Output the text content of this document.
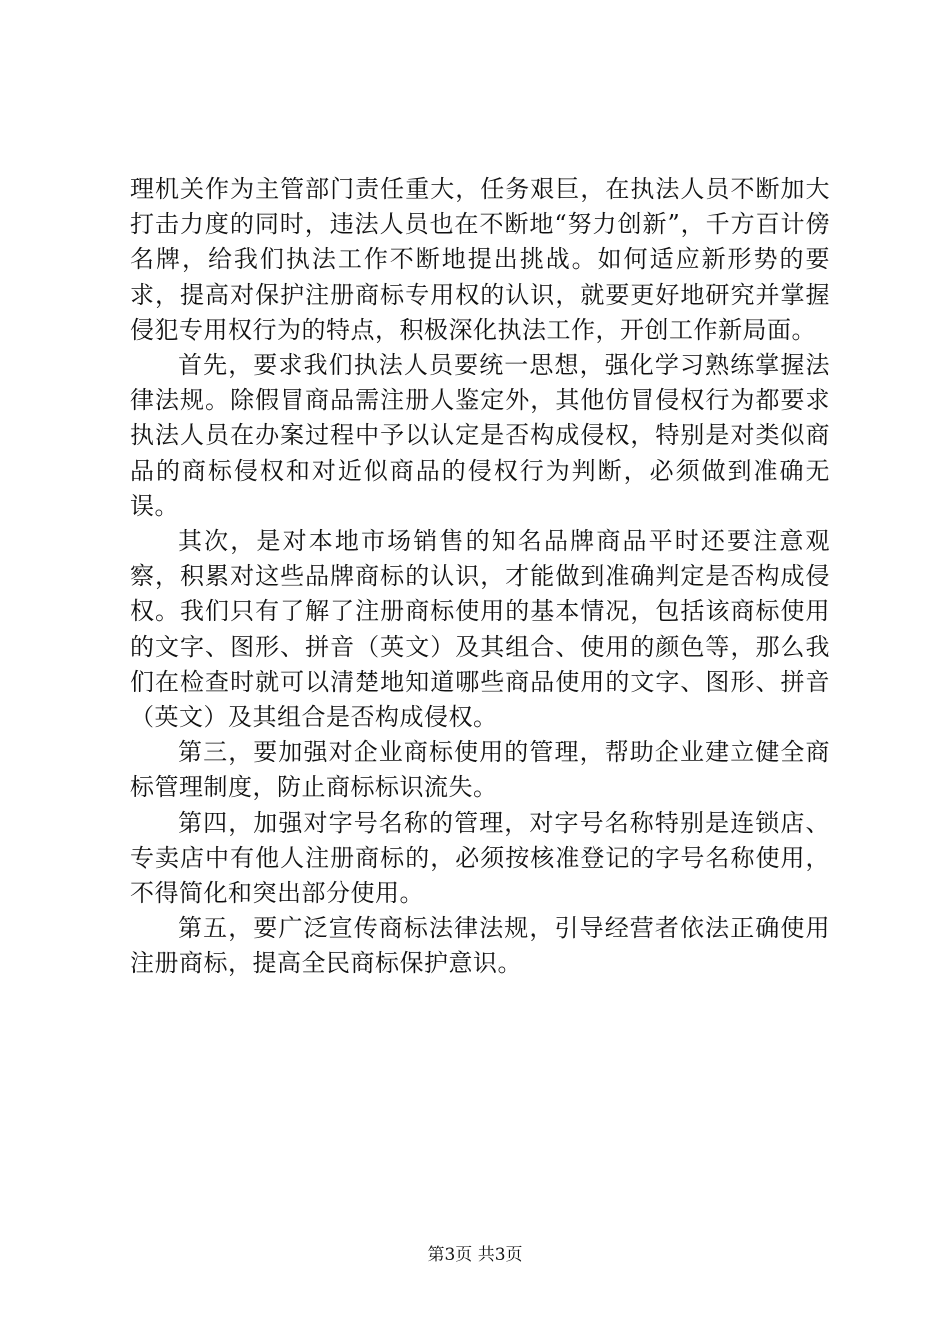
理机关作为主管部门责任重大，任务艰巨，在执法人员不断加大打击力度的同时，违法人员也在不断地“努力创新”，千方百计傍名牌，给我们执法工作不断地提出挑战。如何适应新形势的要求，提高对保护注册商标专用权的认识，就要更好地研究并掌握侵犯专用权行为的特点，积极深化执法工作，开创工作新局面。

首先，要求我们执法人员要统一思想，强化学习熟练掌握法律法规。除假冒商品需注册人鉴定外，其他仿冒侵权行为都要求执法人员在办案过程中予以认定是否构成侵权，特别是对类似商品的商标侵权和对近似商品的侵权行为判断，必须做到准确无误。

其次，是对本地市场销售的知名品牌商品平时还要注意观察，积累对这些品牌商标的认识，才能做到准确判定是否构成侵权。我们只有了解了注册商标使用的基本情况，包括该商标使用的文字、图形、拼音（英文）及其组合、使用的颜色等，那么我们在检查时就可以清楚地知道哪些商品使用的文字、图形、拼音（英文）及其组合是否构成侵权。

第三，要加强对企业商标使用的管理，帮助企业建立健全商标管理制度，防止商标标识流失。

第四，加强对字号名称的管理，对字号名称特别是连锁店、专卖店中有他人注册商标的，必须按核准登记的字号名称使用，不得简化和突出部分使用。

第五，要广泛宣传商标法律法规，引导经营者依法正确使用注册商标，提高全民商标保护意识。

第3页 共3页
